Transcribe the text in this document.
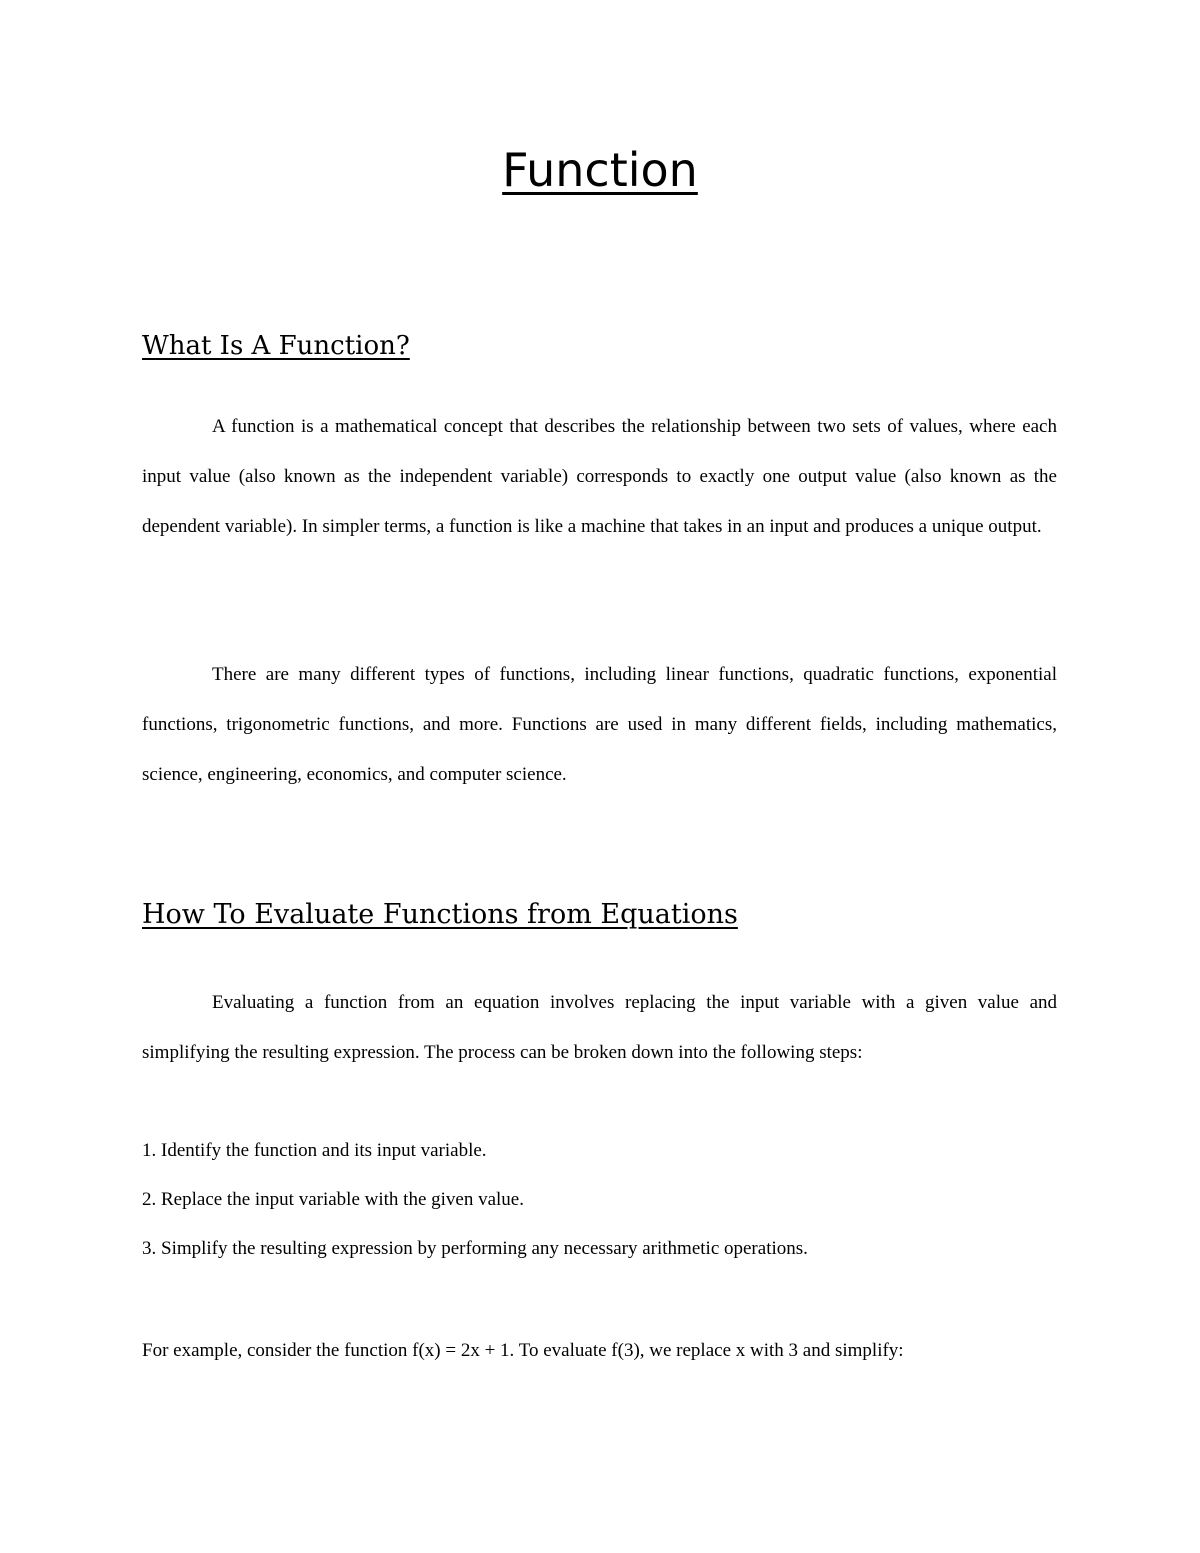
Function
What Is A Function?

A function is a mathematical concept that describes the relationship between two sets of values, where each input value (also known as the independent variable) corresponds to exactly one output value (also known as the dependent variable). In simpler terms, a function is like a machine that takes in an input and produces a unique output.

There are many different types of functions, including linear functions, quadratic functions, exponential functions, trigonometric functions, and more. Functions are used in many different fields, including mathematics, science, engineering, economics, and computer science.

How To Evaluate Functions from Equations

Evaluating a function from an equation involves replacing the input variable with a given value and simplifying the resulting expression. The process can be broken down into the following steps:

1. Identify the function and its input variable.
2. Replace the input variable with the given value.
3. Simplify the resulting expression by performing any necessary arithmetic operations.

For example, consider the function f(x) = 2x + 1. To evaluate f(3), we replace x with 3 and simplify:
